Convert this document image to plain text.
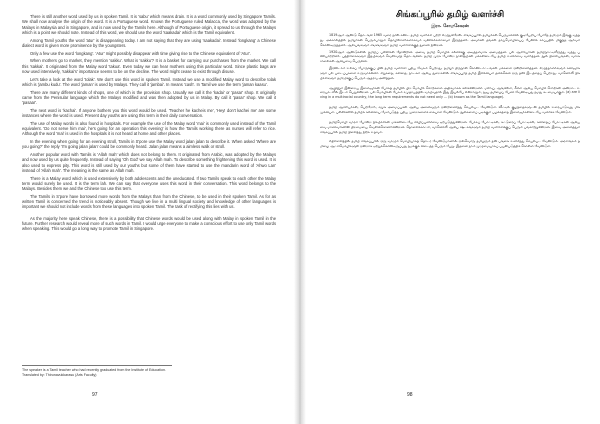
There is still another word used by us in spoken Tamil. It is 'sabu' which means drain. It is a word commonly used by Singapore Tamils. We shall now analyse the origin of the word. It is a Portuguese word. Known the Portuguese ruled Malacca, the word was adopted by the Malays in Malaysia and in Singapore, and is now used by the Tamils here. Although of Portuguese origin, it spread to us through the Malays which is a point we should note. Instead of this word, we should use the word 'saakadai' which is the Tamil equivalent.

Among Tamil youths the word 'atur' is disappearing today. I am not saying that they are using 'saakadai'. Instead 'longkang' a Chinese dialect word is given more prominence by the youngsters.

Only a few use the word 'longkang'. 'Atur' might possibly disappear with time giving rise to the Chinese equivalent of 'Atur'.

When mothers go to market, they mention 'sakku'. What is 'sakku'? It is a basket for carrying our purchases from the market. We call this 'sakkai'. It originated from the Malay word 'takua'. Even today we can hear mothers using this particular word. Since plastic bags are now used intensively, 'sakkai's' importance seems to be on the decline. The word might cease to exist through disuse.

Let's take a look at the word 'tolak'. We don't use this word in spoken Tamil. Instead we use a modified Malay word to describe tolak which is 'jambu kudu'. The word 'jaman' is used by Malays. They call it 'jambai'. In means 'cash'. In Tamil we use the term 'jaman kaasu'.

There are many different kinds of shops, one of which is the provision shop. Usually we call it the 'kadai' or 'pasar' shop. It originally came from the Penisular language which the Malays modified and was then adopted by us in Malay. By call it 'pasar' shop. We call it 'pasaar'.

The next word is 'kachai'. If anyone bothers you this word would be used. 'Teacher he kacheis me', 'Hey! don't kachei me' are some instances where the word is used. Present day youths are using this term in their daily conversation.

The use of Malay words is also found in hospitals. For example the use of the Malay word 'mai' is commonly used instead of the Tamil equivalent. 'Do not serve him mai', he's going for an operation this evening' is how the Tamils working there as nurses will refer to rice. Although the word 'mai' is used in the hospitals it is not heard at home and other places.

In the evening when going for an evening stroll, Tamils in S'pore use the Malay word jalan jalan to describe it. When asked 'Where are you going?' the reply 'I'm going jalan jalan' could be commonly heard. Jalan jalan means a aimless walk or stroll.

Another popular word with Tamils is 'Allah mah' which does not belong to them. It originated from Arabic, was adopted by the Malays and now used by us quite frequently. Instead of saying 'Oh God' we say Allah mah. To describe something frightening this word is used. It is also used to express pity. This word is still used by our youths but some of them have started to use the mandarin word of 'Ahwo Lan' instead of 'Allah mah'. The meaning is the same as Allah mah.

There is a Malay word which is used extensively by both adolescents and the uneducated. If two Tamils speak to each other the Malay term would surely be used. It is the term lah. We can say that everyone uses this word in their conversation. This word belongs to the Malays. Besides them we and the Chinese too use this term.

The Tamils in S'pore have borrowed more words from the Malays than from the Chinese, to be used in their spoken Tamil. As for as written Tamil is concerned the trend is noticeably absent. Though we live in a multi lingual society and knowledge of other languages is important we should not include words from these languages into spoken Tamil. The task of rectifying this lies with us.

As the majority here speak Chinese, there is a possibility that Chinese words would be used along with Malay in spoken Tamil in the future. Further research would reveal more of such words in Tamil. I would urge everyone to make a conscious effort to use only Tamil words when speaking. This would go a long way to promote Tamil in Singapore.

The speaker is a Tamil teacher who had recently graduated from the Institute of Education.
Translated by: Thirunavukkarasu (Arts Faculty)
97
சிங்கப்பூரில் தமிழ் வளர்ச்சி
இரா. சோமசேகரன்

1819ஆம் ஆண்டு தொடங்கி 1965 வரை நான் கண்ட தமிழ் வளர்ச்சி பற்றி எழுதுகிறேன். சிங்கப்பூரில் தமிழர்கள் பெருமளவில் குடியேறிய போதே தமிழும் இங்கு வந்தது. அக்காலத்தில் தமிழர்கள் பெரும்பாலும் தொழிலாளர்களாகவும் வணிகர்களாகவும் இருந்தனர். அவர்கள் தங்கள் தாய்மொழியைப் பேணிக் காப்பதில் மிகுந்த ஆர்வம் கொண்டிருந்தனர். ஆலயங்களும் சங்கங்களும் தமிழ் வளர்ச்சிக்குத் துணை நின்றன.

1920ஆம் ஆண்டுகளில் தமிழ்ப் பள்ளிகள் தோன்றின. அவை தமிழ் மொழிக் கல்விக்கு அடித்தளமாக அமைந்தன. பல ஆசிரியர்கள் தமிழ்நாட்டிலிருந்து வந்து பணியாற்றினர். பத்திரிகைகளும் இதழ்களும் வெளிவரத் தொடங்கின. தமிழ் முரசு போன்ற நாளிதழ்கள் மக்களிடையே தமிழ் உணர்வை வளர்த்தன. நூல் நிலையங்கள், வாசகசாலைகள் ஆகியவை பெருகின.

இரண்டாம் உலகப் போருக்குப் பின் தமிழ் வளர்ச்சி புதிய வேகம் பெற்றது. தமிழர் திருநாள் கொண்டாட்டங்கள் மக்களை ஒன்றிணைத்தன. எழுத்தாளர்களும் கவிஞர்களும் பல படைப்புகளை உருவாக்கினர். சிறுகதை, கவிதை, நாடகம் ஆகிய துறைகளில் சிங்கப்பூர்த் தமிழ் இலக்கியம் தனக்கென ஒரு தனி இடத்தைப் பெற்றது. வானொலி நிகழ்ச்சிகளும் தமிழுக்குப் பெரும் ஆதரவு அளித்தன.

ஆயினும் இன்றைய இளைஞர்கள் பேச்சுத் தமிழில் பிற மொழிச் சொற்களை அதிகமாகக் கலக்கின்றனர். மலாய், ஆங்கிலம், சீனம் ஆகிய மொழிச் சொற்கள் அன்றாட உரையாடலில் இடம் பெறுகின்றன. பல மொழிகள் பேசும் சமுதாயத்தில் வாழ்வதால் இது இயல்பே என்றாலும், தூய தமிழைப் பேண வேண்டியது நமது கடமையாகும். (a) are living in a multiracial country, the long term requirements do not need only ... (b) known as the Tamil language).

தமிழ் ஆசிரியர்கள், பெற்றோர், சமூக அமைப்புகள் ஆகிய அனைவரும் ஒன்றிணைந்து செயல்பட வேண்டும். வீட்டில் குழந்தைகளுடன் தமிழில் உரையாடுவது மிக முக்கியம். பள்ளிகளில் தமிழ்க் கல்வியை மேம்படுத்த புதிய முறைகளைக் கையாள வேண்டும். நூல்களைப் படிக்கும் பழக்கத்தை இளைஞர்களிடையே வளர்க்க வேண்டும்.

தமிழ்மொழி வாரம் போன்ற நிகழ்ச்சிகள் மக்களிடையே விழிப்புணர்வை ஏற்படுத்துகின்றன. பேச்சுப் போட்டிகள், கட்டுரைப் போட்டிகள், கவிதைப் போட்டிகள் ஆகியவை மாணவர்களின் திறமையை வெளிக்கொணர்கின்றன. தொலைக்காட்சி, வானொலி ஆகிய ஊடகங்களும் தமிழ் வளர்ச்சிக்குப் பெரும் பங்காற்றுகின்றன. இவை அனைத்தும் சிங்கப்பூரில் தமிழ் நிலைத்து நிற்க உதவும்.

எதிர்காலத்தில் தமிழ் சிங்கப்பூரில் ஒரு வாழும் மொழியாகத் தொடர வேண்டுமானால் ஒவ்வொரு தமிழரும் தன் பங்கை உணர்ந்து செயல்பட வேண்டும். அரசாங்கம் தமிழை ஆட்சிமொழிகளுள் ஒன்றாக ஏற்றுக்கொண்டிருப்பது நமக்குக் கிடைத்த பெரும் பேறு. இதனை நாம் முழுமையாகப் பயன்படுத்திக் கொள்ள வேண்டும்.

98
